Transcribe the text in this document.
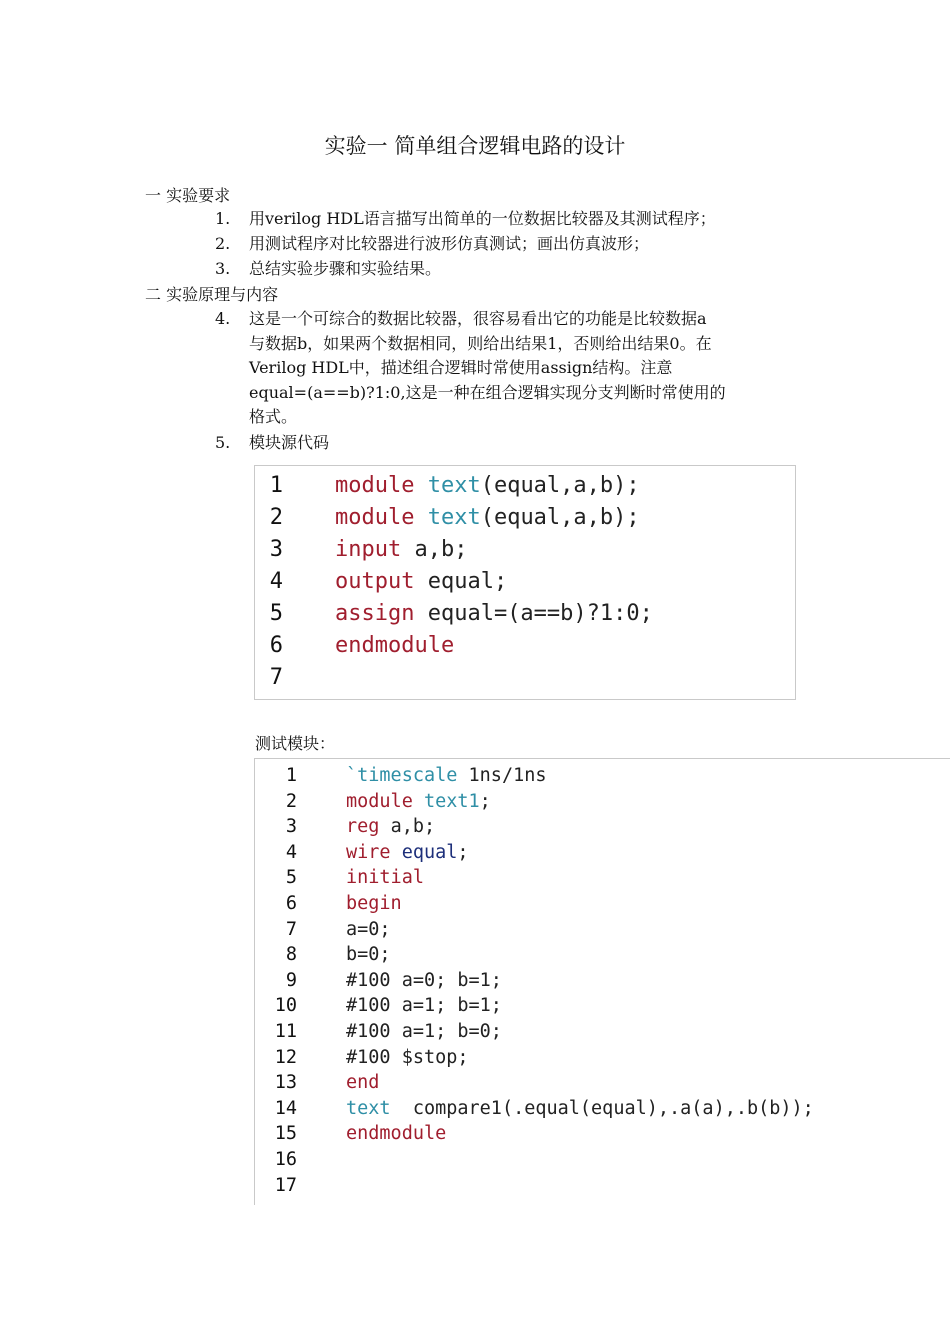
实验一 简单组合逻辑电路的设计
一 实验要求
1. 用verilog HDL语言描写出简单的一位数据比较器及其测试程序；
2. 用测试程序对比较器进行波形仿真测试；画出仿真波形；
3. 总结实验步骤和实验结果。
二 实验原理与内容
4. 这是一个可综合的数据比较器，很容易看出它的功能是比较数据a
与数据b，如果两个数据相同，则给出结果1，否则给出结果0。在
Verilog HDL中，描述组合逻辑时常使用assign结构。注意
equal=(a==b)?1:0,这是一种在组合逻辑实现分支判断时常使用的
格式。
5. 模块源代码
1 module text(equal,a,b);
2 module text(equal,a,b);
3 input a,b;
4 output equal;
5 assign equal=(a==b)?1:0;
6 endmodule
7
测试模块：
1	`timescale 1ns/1ns
2	module text1;
3	reg a,b;
4	wire equal;
5	initial
6	begin
7	a=0;
8	b=0;
9	#100 a=0; b=1;
10	#100 a=1; b=1;
11	#100 a=1; b=0;
12	#100 $stop;
13	end
14	text  compare1(.equal(equal),.a(a),.b(b));
15	endmodule
16
17
